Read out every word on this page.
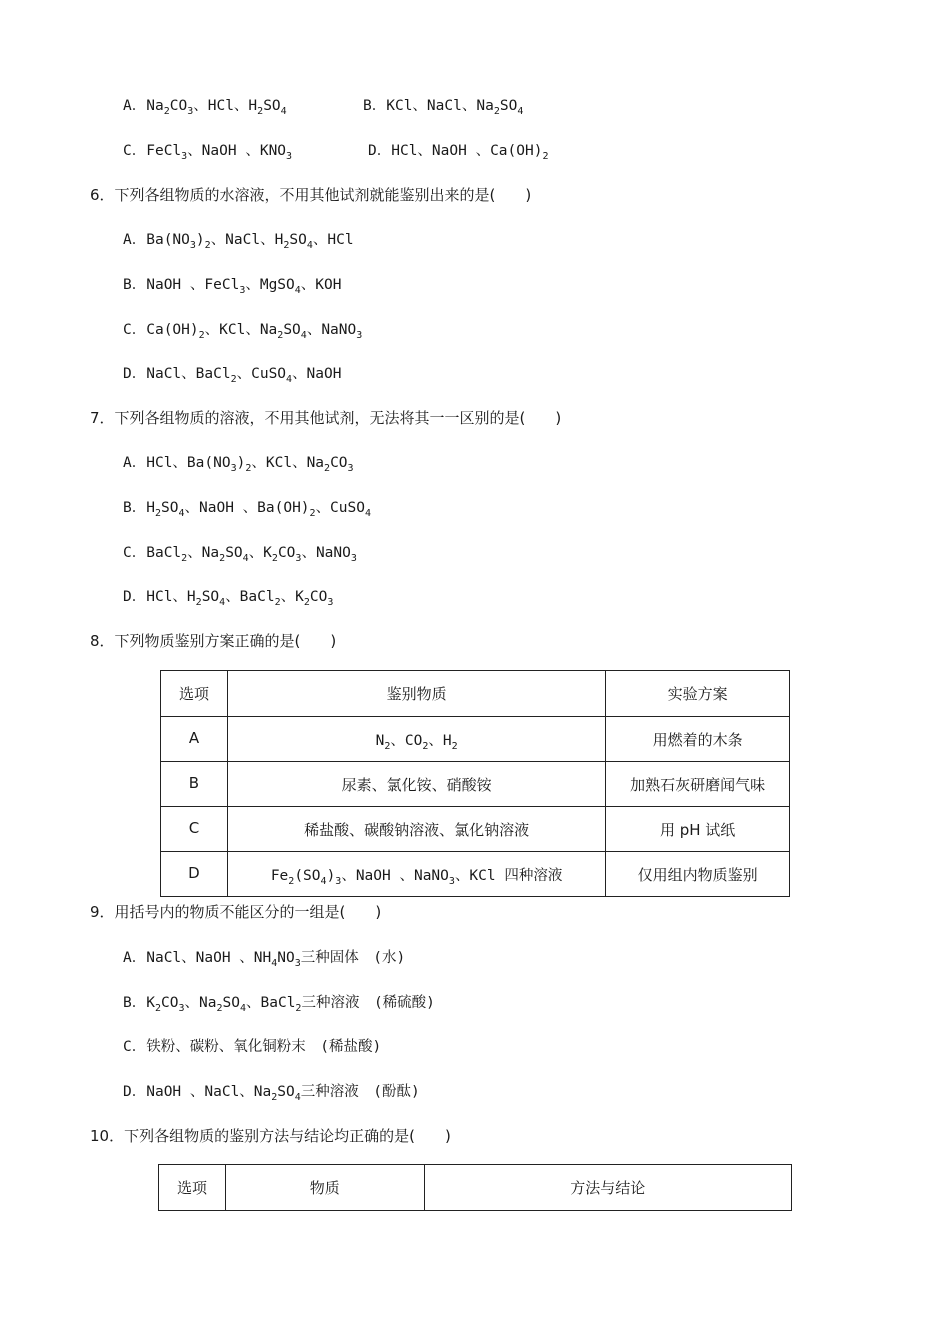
A．$Na_2CO_3$、HCl、$H_2SO_4$	B．KCl、NaCl、$Na_2SO_4$
C．FeCl$_3$、NaOH 、$KNO_3$	D．HCl、NaOH 、$Ca(OH)_2$
6．下列各组物质的水溶液，不用其他试剂就能鉴别出来的是(　　)
A．$Ba(NO_3)_2$、NaCl、$H_2SO_4$、HCl
B．NaOH 、FeCl$_3$、MgSO$_4$、KOH
C．$Ca(OH)_2$、KCl、$Na_2SO_4$、NaNO$_3$
D．NaCl、BaCl$_2$、CuSO$_4$、NaOH
7．下列各组物质的溶液，不用其他试剂，无法将其一一区别的是(　　)
A．HCl、$Ba(NO_3)_2$、KCl、$Na_2CO_3$
B．$H_2SO_4$、NaOH 、$Ba(OH)_2$、CuSO$_4$
C．BaCl$_2$、$Na_2SO_4$、$K_2CO_3$、NaNO$_3$
D．HCl、$H_2SO_4$、BaCl$_2$、$K_2CO_3$
8．下列物质鉴别方案正确的是(　　)
选项	鉴别物质	实验方案
A	$N_2$、$CO_2$、$H_2$	用燃着的木条
B	尿素、氯化铵、硝酸铵	加熟石灰研磨闻气味
C	稀盐酸、碳酸钠溶液、氯化钠溶液	用 pH 试纸
D	$Fe_2(SO_4)_3$、NaOH 、NaNO$_3$、KCl 四种溶液	仅用组内物质鉴别
9．用括号内的物质不能区分的一组是(　　)
A．NaCl、NaOH 、$NH_4NO_3$三种固体　(水)
B．$K_2CO_3$、$Na_2SO_4$、BaCl$_2$三种溶液　(稀硫酸)
C．铁粉、碳粉、氧化铜粉末　(稀盐酸)
D．NaOH 、NaCl、$Na_2SO_4$三种溶液　(酚酞)
10．下列各组物质的鉴别方法与结论均正确的是(　　)
选项	物质	方法与结论
